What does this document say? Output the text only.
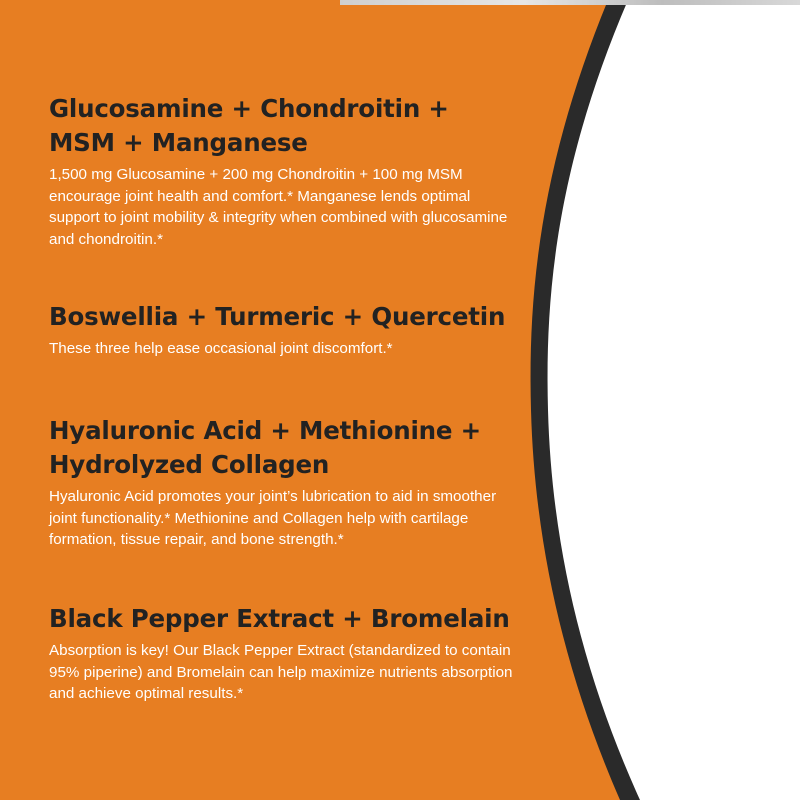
Glucosamine + Chondroitin +
MSM + Manganese

1,500 mg Glucosamine + 200 mg Chondroitin + 100 mg MSM encourage joint health and comfort.* Manganese lends optimal support to joint mobility & integrity when combined with glucosamine and chondroitin.*

Boswellia + Turmeric + Quercetin

These three help ease occasional joint discomfort.*

Hyaluronic Acid + Methionine +
Hydrolyzed Collagen

Hyaluronic Acid promotes your joint’s lubrication to aid in smoother joint functionality.* Methionine and Collagen help with cartilage formation, tissue repair, and bone strength.*

Black Pepper Extract + Bromelain

Absorption is key! Our Black Pepper Extract (standardized to contain 95% piperine) and Bromelain can help maximize nutrients absorption and achieve optimal results.*
